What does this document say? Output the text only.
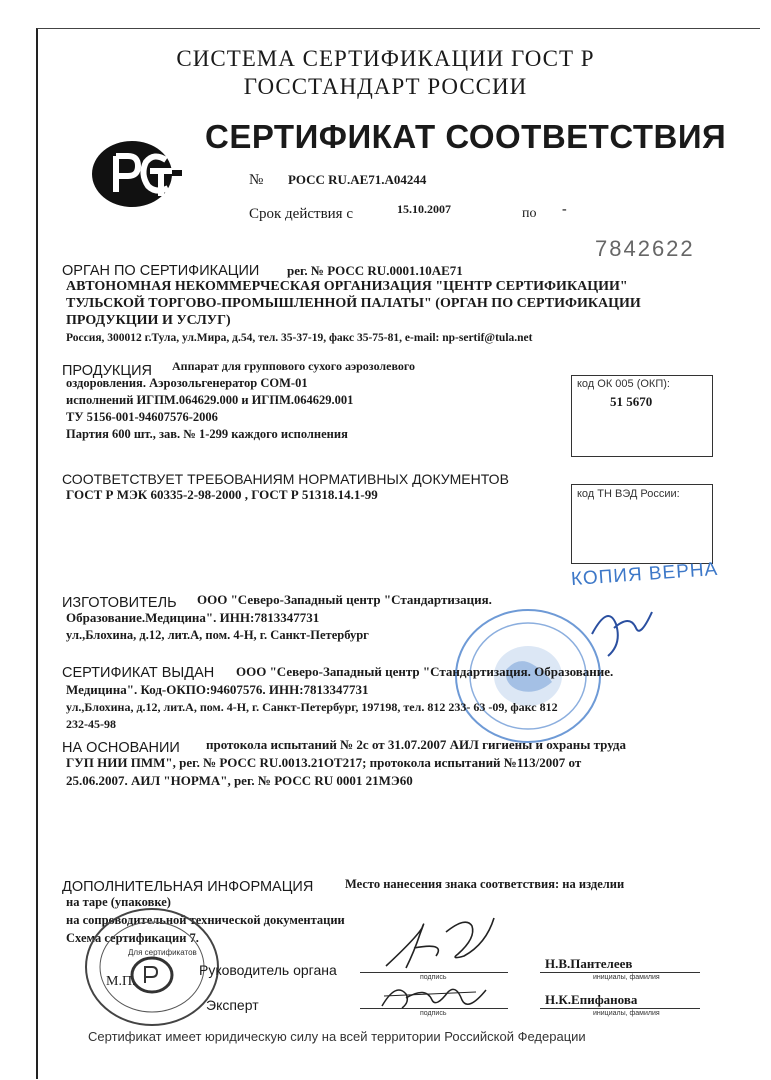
СИСТЕМА СЕРТИФИКАЦИИ ГОСТ Р
ГОССТАНДАРТ РОССИИ
СЕРТИФИКАТ СООТВЕТСТВИЯ
№ РОСС RU.AE71.A04244
Срок действия с	15.10.2007	по -
7842622
ОРГАН ПО СЕРТИФИКАЦИИ рег. № РОСС RU.0001.10AE71
АВТОНОМНАЯ НЕКОММЕРЧЕСКАЯ ОРГАНИЗАЦИЯ "ЦЕНТР СЕРТИФИКАЦИИ"
ТУЛЬСКОЙ ТОРГОВО-ПРОМЫШЛЕННОЙ ПАЛАТЫ" (ОРГАН ПО СЕРТИФИКАЦИИ
ПРОДУКЦИИ И УСЛУГ)
Россия, 300012 г.Тула, ул.Мира, д.54, тел. 35-37-19, факс 35-75-81, e-mail: np-sertif@tula.net
ПРОДУКЦИЯ Аппарат для группового сухого аэрозолевого
оздоровления. Аэрозольгенератор СОМ-01
исполнений ИГПМ.064629.000 и ИГПМ.064629.001
ТУ 5156-001-94607576-2006
Партия 600 шт., зав. № 1-299 каждого исполнения
код ОК 005 (ОКП):
51 5670
СООТВЕТСТВУЕТ ТРЕБОВАНИЯМ НОРМАТИВНЫХ ДОКУМЕНТОВ
ГОСТ Р МЭК 60335-2-98-2000 , ГОСТ Р 51318.14.1-99	код ТН ВЭД России:
КОПИЯ ВЕРНА
ИЗГОТОВИТЕЛЬ ООО "Северо-Западный центр "Стандартизация.
Образование.Медицина". ИНН:7813347731
ул.,Блохина, д.12, лит.А, пом. 4-Н, г. Санкт-Петербург
СЕРТИФИКАТ ВЫДАН ООО "Северо-Западный центр "Стандартизация. Образование.
Медицина". Код-ОКПО:94607576. ИНН:7813347731
ул.,Блохина, д.12, лит.А, пом. 4-Н, г. Санкт-Петербург, 197198, тел. 812 233- 63 -09, факс 812
232-45-98
НА ОСНОВАНИИ протокола испытаний № 2с от 31.07.2007 АИЛ гигиены и охраны труда
ГУП НИИ ПММ", рег. № РОСС RU.0013.21ОТ217; протокола испытаний №113/2007 от
25.06.2007. АИЛ "НОРМА", рег. № РОСС RU 0001 21МЭ60
ДОПОЛНИТЕЛЬНАЯ ИНФОРМАЦИЯ	Место нанесения знака соответствия: на изделии
на таре (упаковке)
на сопроводительной технической документации
Схема сертификации 7.
Для сертификатов
М.П.
Руководитель органа	подпись
Н.В.Пантелеев
инициалы, фамилия
Эксперт
подпись
Н.К.Епифанова
инициалы, фамилия
Сертификат имеет юридическую силу на всей территории Российской Федерации
